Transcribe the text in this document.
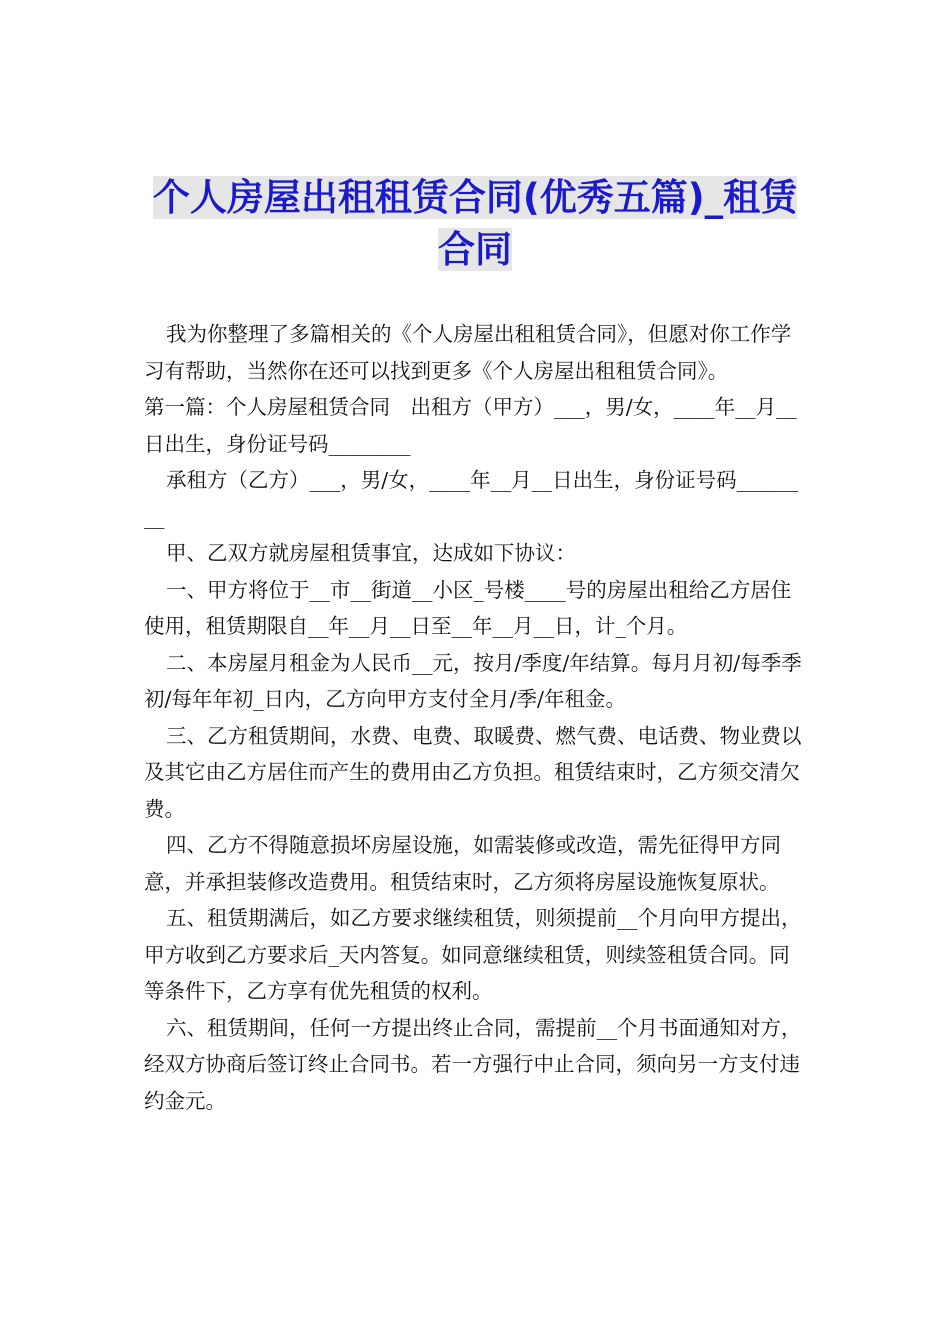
个人房屋出租租赁合同(优秀五篇)_租赁合同

我为你整理了多篇相关的《个人房屋出租租赁合同》，但愿对你工作学习有帮助，当然你在还可以找到更多《个人房屋出租租赁合同》。

第一篇：个人房屋租赁合同　出租方（甲方）___，男/女，____年__月__日出生，身份证号码________

承租方（乙方）___，男/女，____年__月__日出生，身份证号码________

甲、乙双方就房屋租赁事宜，达成如下协议：

一、甲方将位于__市__街道__小区_号楼____号的房屋出租给乙方居住使用，租赁期限自__年__月__日至__年__月__日，计_个月。

二、本房屋月租金为人民币__元，按月/季度/年结算。每月月初/每季季初/每年年初_日内，乙方向甲方支付全月/季/年租金。

三、乙方租赁期间，水费、电费、取暖费、燃气费、电话费、物业费以及其它由乙方居住而产生的费用由乙方负担。租赁结束时，乙方须交清欠费。

四、乙方不得随意损坏房屋设施，如需装修或改造，需先征得甲方同意，并承担装修改造费用。租赁结束时，乙方须将房屋设施恢复原状。

五、租赁期满后，如乙方要求继续租赁，则须提前__个月向甲方提出，甲方收到乙方要求后_天内答复。如同意继续租赁，则续签租赁合同。同等条件下，乙方享有优先租赁的权利。

六、租赁期间，任何一方提出终止合同，需提前__个月书面通知对方，经双方协商后签订终止合同书。若一方强行中止合同，须向另一方支付违约金元。
